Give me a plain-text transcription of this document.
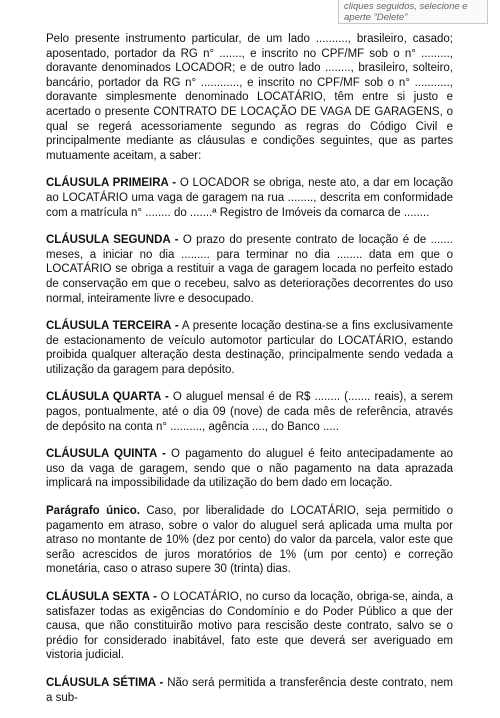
cliques seguidos, selecione e
aperte “Delete”

Pelo presente instrumento particular, de um lado .........., brasileiro, casado; aposentado, portador da RG n° ......., e inscrito no CPF/MF sob o n° ........., doravante denominados LOCADOR; e de outro lado ........, brasileiro, solteiro, bancário, portador da RG n° ............, e inscrito no CPF/MF sob o n° ..........., doravante simplesmente denominado LOCATÁRIO, têm entre si justo e acertado o presente CONTRATO DE LOCAÇÃO DE VAGA DE GARAGENS, o qual se regerá acessoriamente segundo as regras do Código Civil e principalmente mediante as cláusulas e condições seguintes, que as partes mutuamente aceitam, a saber:

CLÁUSULA PRIMEIRA - O LOCADOR se obriga, neste ato, a dar em locação ao LOCATÁRIO uma vaga de garagem na rua ........, descrita em conformidade com a matrícula n° ........ do .......ª Registro de Imóveis da comarca de ........

CLÁUSULA SEGUNDA - O prazo do presente contrato de locação é de ....... meses, a iniciar no dia ......... para terminar no dia ........ data em que o LOCATÁRIO se obriga a restituir a vaga de garagem locada no perfeito estado de conservação em que o recebeu, salvo as deteriorações decorrentes do uso normal, inteiramente livre e desocupado.

CLÁUSULA TERCEIRA - A presente locação destina-se a fins exclusivamente de estacionamento de veículo automotor particular do LOCATÁRIO, estando proibida qualquer alteração desta destinação, principalmente sendo vedada a utilização da garagem para depósito.

CLÁUSULA QUARTA - O aluguel mensal é de R$ ........ (....... reais), a serem pagos, pontualmente, até o dia 09 (nove) de cada mês de referência, através de depósito na conta n° .........., agência ...., do Banco .....

CLÁUSULA QUINTA - O pagamento do aluguel é feito antecipadamente ao uso da vaga de garagem, sendo que o não pagamento na data aprazada implicará na impossibilidade da utilização do bem dado em locação.

Parágrafo único. Caso, por liberalidade do LOCATÁRIO, seja permitido o pagamento em atraso, sobre o valor do aluguel será aplicada uma multa por atraso no montante de 10% (dez por cento) do valor da parcela, valor este que serão acrescidos de juros moratórios de 1% (um por cento) e correção monetária, caso o atraso supere 30 (trinta) dias.

CLÁUSULA SEXTA - O LOCATÁRIO, no curso da locação, obriga-se, ainda, a satisfazer todas as exigências do Condomínio e do Poder Público a que der causa, que não constituirão motivo para rescisão deste contrato, salvo se o prédio for considerado inabitável, fato este que deverá ser averiguado em vistoria judicial.

CLÁUSULA SÉTIMA - Não será permitida a transferência deste contrato, nem a sub-
